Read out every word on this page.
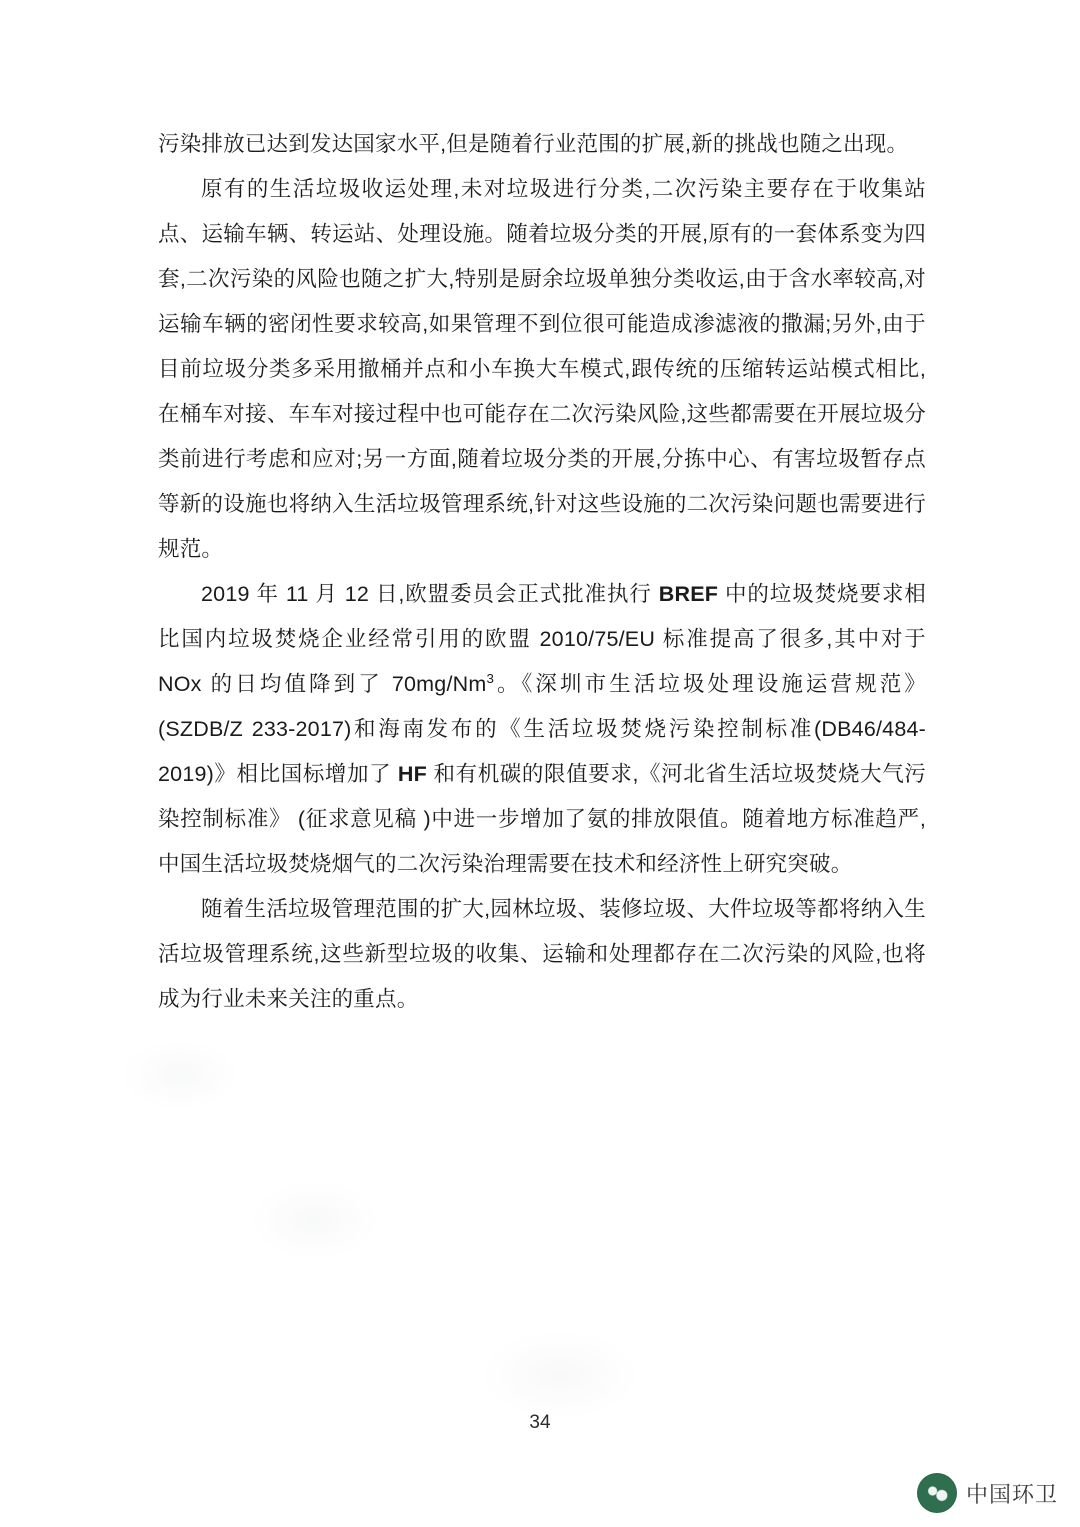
污染排放已达到发达国家水平,但是随着行业范围的扩展,新的挑战也随之出现。

原有的生活垃圾收运处理,未对垃圾进行分类,二次污染主要存在于收集站点、运输车辆、转运站、处理设施。随着垃圾分类的开展,原有的一套体系变为四套,二次污染的风险也随之扩大,特别是厨余垃圾单独分类收运,由于含水率较高,对运输车辆的密闭性要求较高,如果管理不到位很可能造成渗滤液的撒漏;另外,由于目前垃圾分类多采用撤桶并点和小车换大车模式,跟传统的压缩转运站模式相比,在桶车对接、车车对接过程中也可能存在二次污染风险,这些都需要在开展垃圾分类前进行考虑和应对;另一方面,随着垃圾分类的开展,分拣中心、有害垃圾暂存点等新的设施也将纳入生活垃圾管理系统,针对这些设施的二次污染问题也需要进行规范。

2019 年 11 月 12 日,欧盟委员会正式批准执行 BREF 中的垃圾焚烧要求相比国内垃圾焚烧企业经常引用的欧盟 2010/75/EU 标准提高了很多,其中对于 NOx 的日均值降到了 70mg/Nm$^3$。《深圳市生活垃圾处理设施运营规范》(SZDB/Z 233-2017)和海南发布的《生活垃圾焚烧污染控制标准(DB46/484-2019)》相比国标增加了 HF 和有机碳的限值要求,《河北省生活垃圾焚烧大气污染控制标准》 (征求意见稿 )中进一步增加了氨的排放限值。随着地方标准趋严,中国生活垃圾焚烧烟气的二次污染治理需要在技术和经济性上研究突破。

随着生活垃圾管理范围的扩大,园林垃圾、装修垃圾、大件垃圾等都将纳入生活垃圾管理系统,这些新型垃圾的收集、运输和处理都存在二次污染的风险,也将成为行业未来关注的重点。

34
中国环卫
